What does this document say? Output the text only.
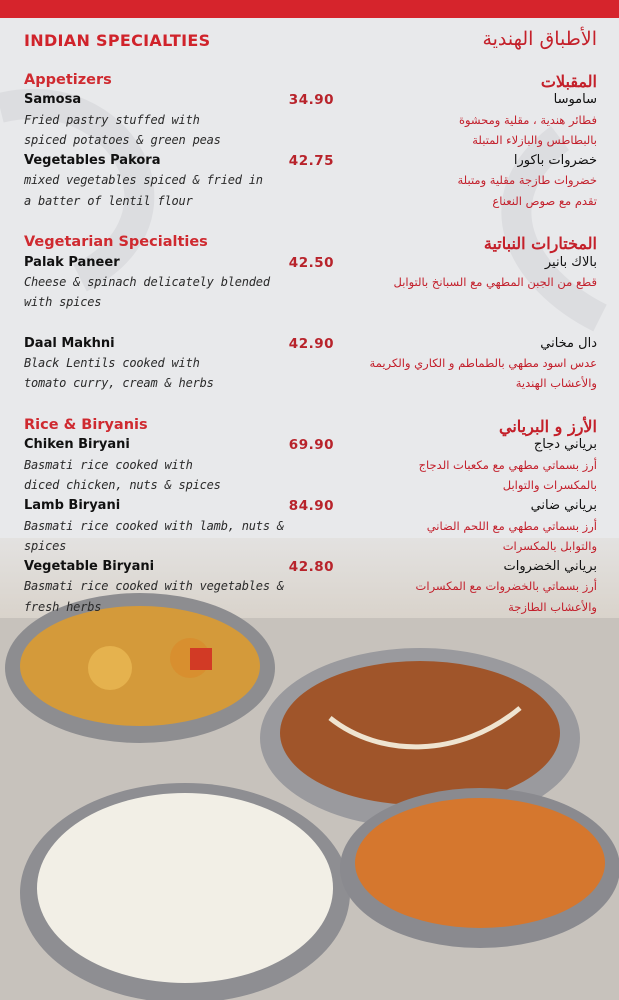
INDIAN SPECIALTIES	الأطباق الهندية
Appetizers	المقبلات
Samosa	34.90	ساموسا
Fried pastry stuffed with	فطائر هندية ، مقلية ومحشوة
spiced potatoes & green peas	بالبطاطس والبازلاء المتبلة
Vegetables Pakora	42.75	خضروات باكورا
mixed vegetables spiced & fried in	خضروات طازجة مقلية ومتبلة
a batter of lentil flour	تقدم مع صوص النعناع
Vegetarian Specialties	المختارات النباتية
Palak Paneer	42.50	بالاك بانير
Cheese & spinach delicately blended	قطع من الجبن المطهي مع السبانخ بالتوابل
with spices
Daal Makhni	42.90	دال مخاني
Black Lentils cooked with	عدس اسود مطهي بالطماطم و الكاري والكريمة
tomato curry, cream & herbs	والأعشاب الهندية
Rice & Biryanis	الأرز و البرياني
Chiken Biryani	69.90	برياني دجاج
Basmati rice cooked with	أرز بسماتي مطهي مع مكعبات الدجاج
diced chicken, nuts & spices	بالمكسرات والتوابل
Lamb Biryani	84.90	برياني ضاني
Basmati rice cooked with lamb, nuts &	أرز بسماتي مطهي مع اللحم الضاني
spices	والتوابل بالمكسرات
Vegetable Biryani	42.80	برياني الخضروات
Basmati rice cooked with vegetables &	أرز بسماتي بالخضروات مع المكسرات
fresh herbs	والأعشاب الطازجة
